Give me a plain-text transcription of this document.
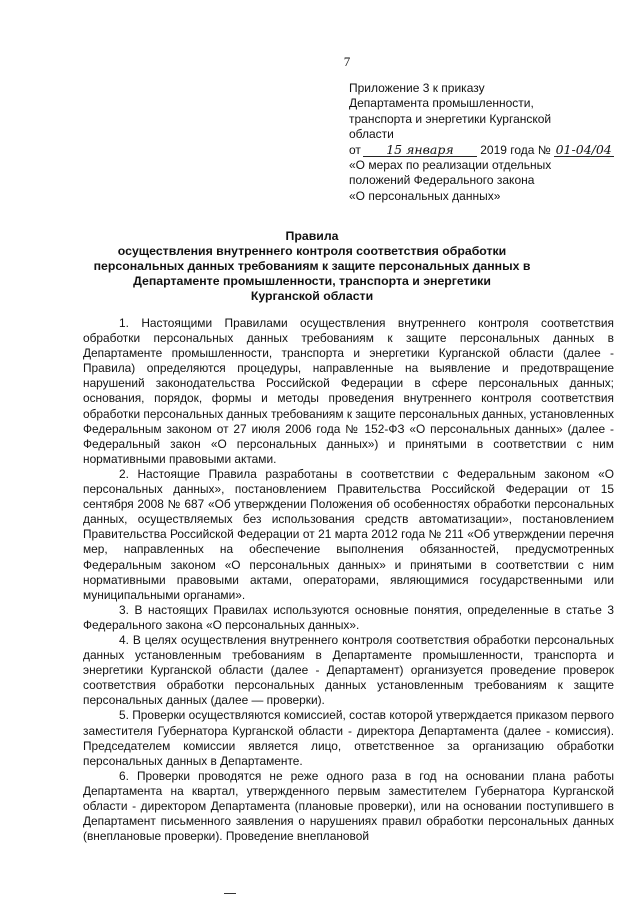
7
Приложение 3 к приказу
Департамента промышленности,
транспорта и энергетики Курганской
области
от 15 января 2019 года № 01-04/04
«О мерах по реализации отдельных
положений Федерального закона
«О персональных данных»
Правила
осуществления внутреннего контроля соответствия обработки
персональных данных требованиям к защите персональных данных в
Департаменте промышленности, транспорта и энергетики
Курганской области

1. Настоящими Правилами осуществления внутреннего контроля соответствия обработки персональных данных требованиям к защите персональных данных в Департаменте промышленности, транспорта и энергетики Курганской области (далее - Правила) определяются процедуры, направленные на выявление и предотвращение нарушений законодательства Российской Федерации в сфере персональных данных; основания, порядок, формы и методы проведения внутреннего контроля соответствия обработки персональных данных требованиям к защите персональных данных, установленных Федеральным законом от 27 июля 2006 года № 152-ФЗ «О персональных данных» (далее - Федеральный закон «О персональных данных») и принятыми в соответствии с ним нормативными правовыми актами.

2. Настоящие Правила разработаны в соответствии с Федеральным законом «О персональных данных», постановлением Правительства Российской Федерации от 15 сентября 2008 № 687 «Об утверждении Положения об особенностях обработки персональных данных, осуществляемых без использования средств автоматизации», постановлением Правительства Российской Федерации от 21 марта 2012 года № 211 «Об утверждении перечня мер, направленных на обеспечение выполнения обязанностей, предусмотренных Федеральным законом «О персональных данных» и принятыми в соответствии с ним нормативными правовыми актами, операторами, являющимися государственными или муниципальными органами».

3. В настоящих Правилах используются основные понятия, определенные в статье 3 Федерального закона «О персональных данных».

4. В целях осуществления внутреннего контроля соответствия обработки персональных данных установленным требованиям в Департаменте промышленности, транспорта и энергетики Курганской области (далее - Департамент) организуется проведение проверок соответствия обработки персональных данных установленным требованиям к защите персональных данных (далее — проверки).

5. Проверки осуществляются комиссией, состав которой утверждается приказом первого заместителя Губернатора Курганской области - директора Департамента (далее - комиссия). Председателем комиссии является лицо, ответственное за организацию обработки персональных данных в Департаменте.

6. Проверки проводятся не реже одного раза в год на основании плана работы Департамента на квартал, утвержденного первым заместителем Губернатора Курганской области - директором Департамента (плановые проверки), или на основании поступившего в Департамент письменного заявления о нарушениях правил обработки персональных данных (внеплановые проверки). Проведение внеплановой
